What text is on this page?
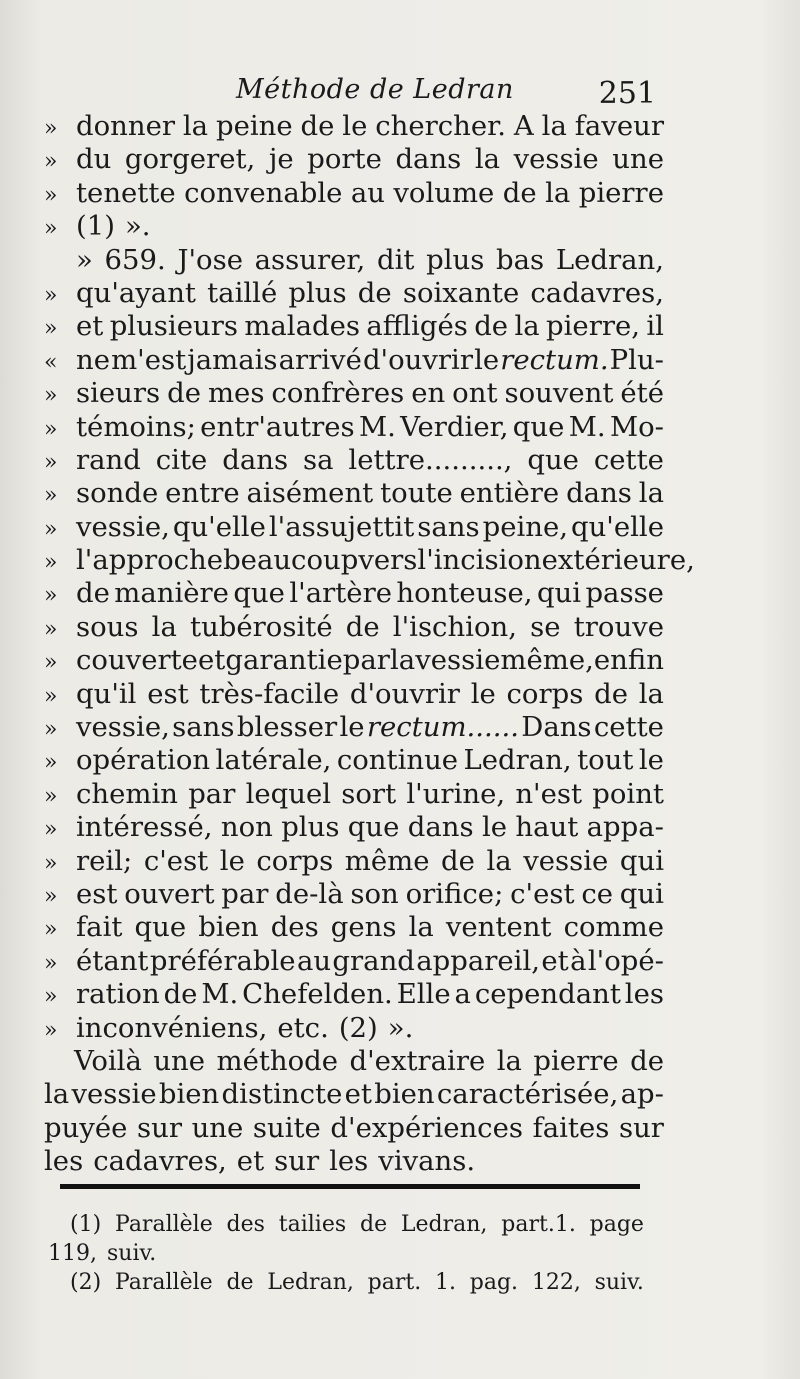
Méthode de Ledran	251
» donner la peine de le chercher. A la faveur
» du gorgeret, je porte dans la vessie une
» tenette convenable au volume de la pierre
» (1) ».
» 659. J'ose assurer, dit plus bas Ledran,
» qu'ayant taillé plus de soixante cadavres,
» et plusieurs malades affligés de la pierre, il
« ne m'est jamais arrivé d'ouvrir le rectum. Plu-
» sieurs de mes confrères en ont souvent été
» témoins; entr'autres M. Verdier, que M. Mo-
» rand cite dans sa lettre........., que cette
» sonde entre aisément toute entière dans la
» vessie, qu'elle l'assujettit sans peine, qu'elle
» l'approche beaucoup vers l'incision extérieure,
» de manière que l'artère honteuse, qui passe
» sous la tubérosité de l'ischion, se trouve
» couverte et garantie par la vessie même, enfin
» qu'il est très-facile d'ouvrir le corps de la
» vessie, sans blesser le rectum...... Dans cette
» opération latérale, continue Ledran, tout le
» chemin par lequel sort l'urine, n'est point
» intéressé, non plus que dans le haut appa-
» reil; c'est le corps même de la vessie qui
» est ouvert par de-là son orifice; c'est ce qui
» fait que bien des gens la ventent comme
» étant préférable au grand appareil, et à l'opé-
» ration de M. Chefelden. Elle a cependant les
» inconvéniens, etc. (2) ».
Voilà une méthode d'extraire la pierre de
la vessie bien distincte et bien caractérisée, ap-
puyée sur une suite d'expériences faites sur
les cadavres, et sur les vivans.
(1) Parallèle des tailies de Ledran, part.1. page
119, suiv.
(2) Parallèle de Ledran, part. 1. pag. 122, suiv.
